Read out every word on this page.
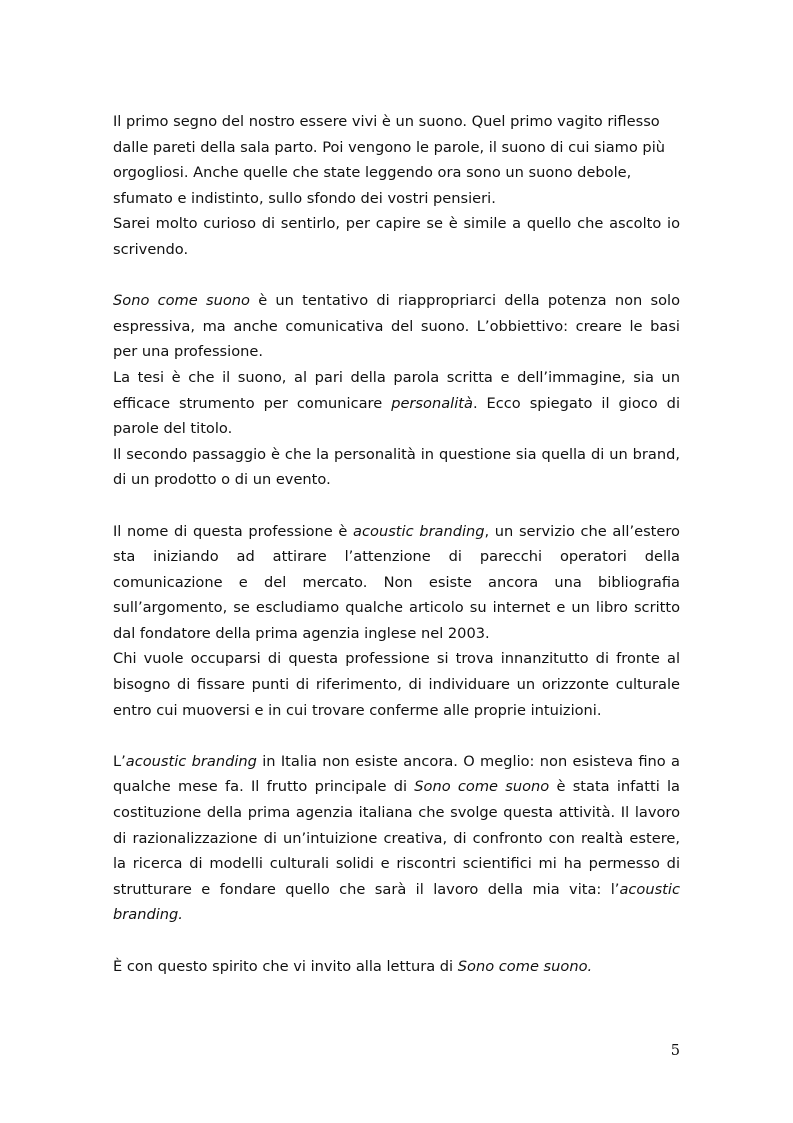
Il primo segno del nostro essere vivi è un suono. Quel primo vagito riflesso dalle pareti della sala parto. Poi vengono le parole, il suono di cui siamo più orgogliosi. Anche quelle che state leggendo ora sono un suono debole, sfumato e indistinto, sullo sfondo dei vostri pensieri.

Sarei molto curioso di sentirlo, per capire se è simile a quello che ascolto io scrivendo.

Sono come suono è un tentativo di riappropriarci della potenza non solo espressiva, ma anche comunicativa del suono. L’obbiettivo: creare le basi per una professione.

La tesi è che il suono, al pari della parola scritta e dell’immagine, sia un efficace strumento per comunicare personalità. Ecco spiegato il gioco di parole del titolo.

Il secondo passaggio è che la personalità in questione sia quella di un brand, di un prodotto o di un evento.

Il nome di questa professione è acoustic branding, un servizio che all’estero sta iniziando ad attirare l’attenzione di parecchi operatori della comunicazione e del mercato. Non esiste ancora una bibliografia sull’argomento, se escludiamo qualche articolo su internet e un libro scritto dal fondatore della prima agenzia inglese nel 2003.

Chi vuole occuparsi di questa professione si trova innanzitutto di fronte al bisogno di fissare punti di riferimento, di individuare un orizzonte culturale entro cui muoversi e in cui trovare conferme alle proprie intuizioni.

L’acoustic branding in Italia non esiste ancora. O meglio: non esisteva fino a qualche mese fa. Il frutto principale di Sono come suono è stata infatti la costituzione della prima agenzia italiana che svolge questa attività. Il lavoro di razionalizzazione di un’intuizione creativa, di confronto con realtà estere, la ricerca di modelli culturali solidi e riscontri scientifici mi ha permesso di strutturare e fondare quello che sarà il lavoro della mia vita: l’acoustic branding.

È con questo spirito che vi invito alla lettura di Sono come suono.

5
